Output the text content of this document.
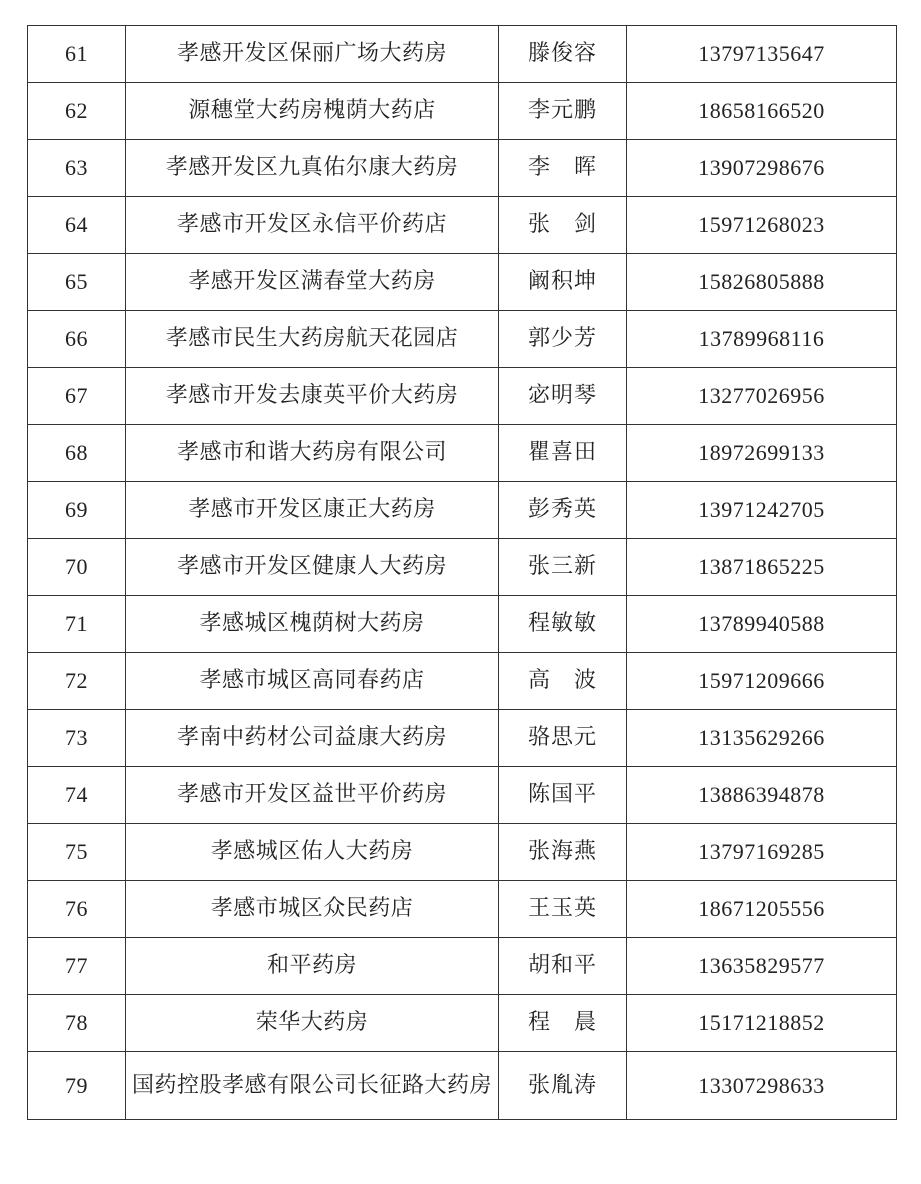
61	孝感开发区保丽广场大药房	滕俊容	13797135647
62	源穗堂大药房槐荫大药店	李元鹏	18658166520
63	孝感开发区九真佑尔康大药房	李　晖	13907298676
64	孝感市开发区永信平价药店	张　剑	15971268023
65	孝感开发区满春堂大药房	阚积坤	15826805888
66	孝感市民生大药房航天花园店	郭少芳	13789968116
67	孝感市开发去康英平价大药房	宓明琴	13277026956
68	孝感市和谐大药房有限公司	瞿喜田	18972699133
69	孝感市开发区康正大药房	彭秀英	13971242705
70	孝感市开发区健康人大药房	张三新	13871865225
71	孝感城区槐荫树大药房	程敏敏	13789940588
72	孝感市城区高同春药店	高　波	15971209666
73	孝南中药材公司益康大药房	骆思元	13135629266
74	孝感市开发区益世平价药房	陈国平	13886394878
75	孝感城区佑人大药房	张海燕	13797169285
76	孝感市城区众民药店	王玉英	18671205556
77	和平药房	胡和平	13635829577
78	荣华大药房	程　晨	15171218852
79	国药控股孝感有限公司长征路大药房	张胤涛	13307298633
